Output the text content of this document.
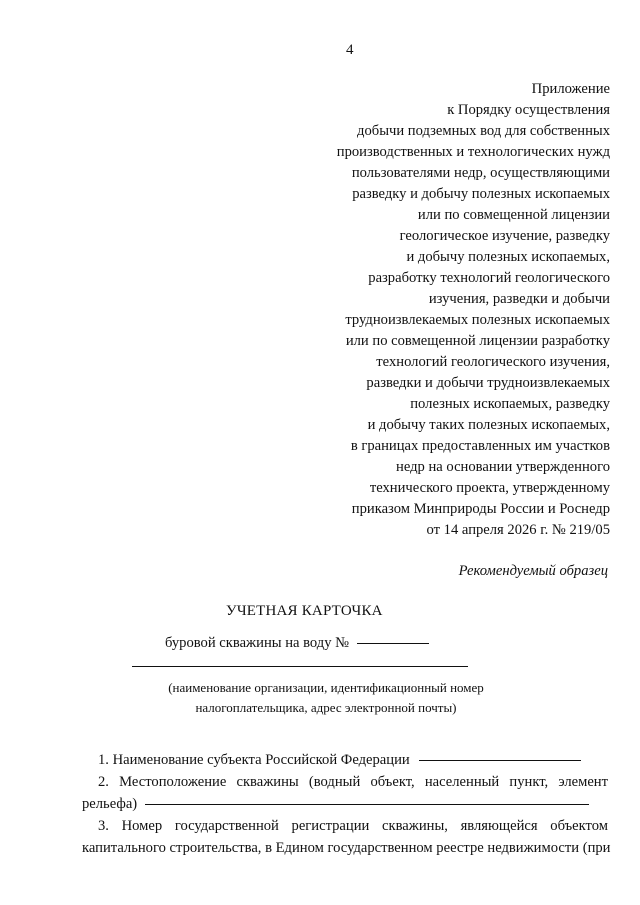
4
Приложение
к Порядку осуществления
добычи подземных вод для собственных
производственных и технологических нужд
пользователями недр, осуществляющими
разведку и добычу полезных ископаемых
или по совмещенной лицензии
геологическое изучение, разведку
и добычу полезных ископаемых,
разработку технологий геологического
изучения, разведки и добычи
трудноизвлекаемых полезных ископаемых
или по совмещенной лицензии разработку
технологий геологического изучения,
разведки и добычи трудноизвлекаемых
полезных ископаемых, разведку
и добычу таких полезных ископаемых,
в границах предоставленных им участков
недр на основании утвержденного
технического проекта, утвержденному
приказом Минприроды России и Роснедр
от 14 апреля 2026 г. № 219/05
Рекомендуемый образец
УЧЕТНАЯ КАРТОЧКА
буровой скважины на воду №
(наименование организации, идентификационный номер
налогоплательщика, адрес электронной почты)
1. Наименование субъекта Российской Федерации
2. Местоположение скважины (водный объект, населенный пункт, элемент
рельефа)
3. Номер государственной регистрации скважины, являющейся объектом
капитального строительства, в Едином государственном реестре недвижимости (при
